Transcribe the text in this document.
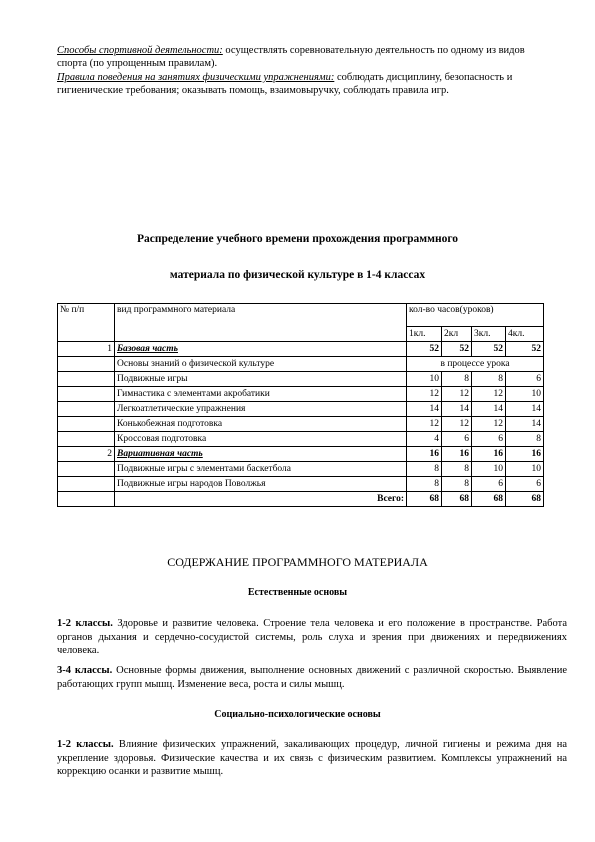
Способы спортивной деятельности: осуществлять соревновательную деятельность по одному из видов спорта (по упрощенным правилам).
Правила поведения на занятиях физическими упражнениями: соблюдать дисциплину, безопасность и гигиенические требования; оказывать помощь, взаимовыручку, соблюдать правила игр.
Распределение учебного времени прохождения программного
материала по физической культуре в 1-4 классах
№ п/п	вид программного материала	кол-во часов(уроков)			
		1кл.	2кл	3кл.	4кл.
1	Базовая часть	52	52	52	52
	Основы знаний о физической культуре	в процессе урока			
	Подвижные игры	10	8	8	6
	Гимнастика с элементами акробатики	12	12	12	10
	Легкоатлетические упражнения	14	14	14	14
	Конькобежная подготовка	12	12	12	14
	Кроссовая подготовка	4	6	6	8
2	Вариативная часть	16	16	16	16
	Подвижные игры с элементами баскетбола	8	8	10	10
	Подвижные игры народов Поволжья	8	8	6	6
	Всего:	68	68	68	68
СОДЕРЖАНИЕ ПРОГРАММНОГО МАТЕРИАЛА
Естественные основы
1-2 классы. Здоровье и развитие человека. Строение тела человека и его положение в пространстве. Работа органов дыхания и сердечно-сосудистой системы, роль слуха и зрения при движениях и передвижениях человека.
3-4 классы. Основные формы движения, выполнение основных движений с различной скоростью. Выявление работающих групп мышц. Изменение веса, роста и силы мышц.
Социально-психологические основы
1-2 классы. Влияние физических упражнений, закаливающих процедур, личной гигиены и режима дня на укрепление здоровья. Физические качества и их связь с физическим развитием. Комплексы упражнений на коррекцию осанки и развитие мышц.
